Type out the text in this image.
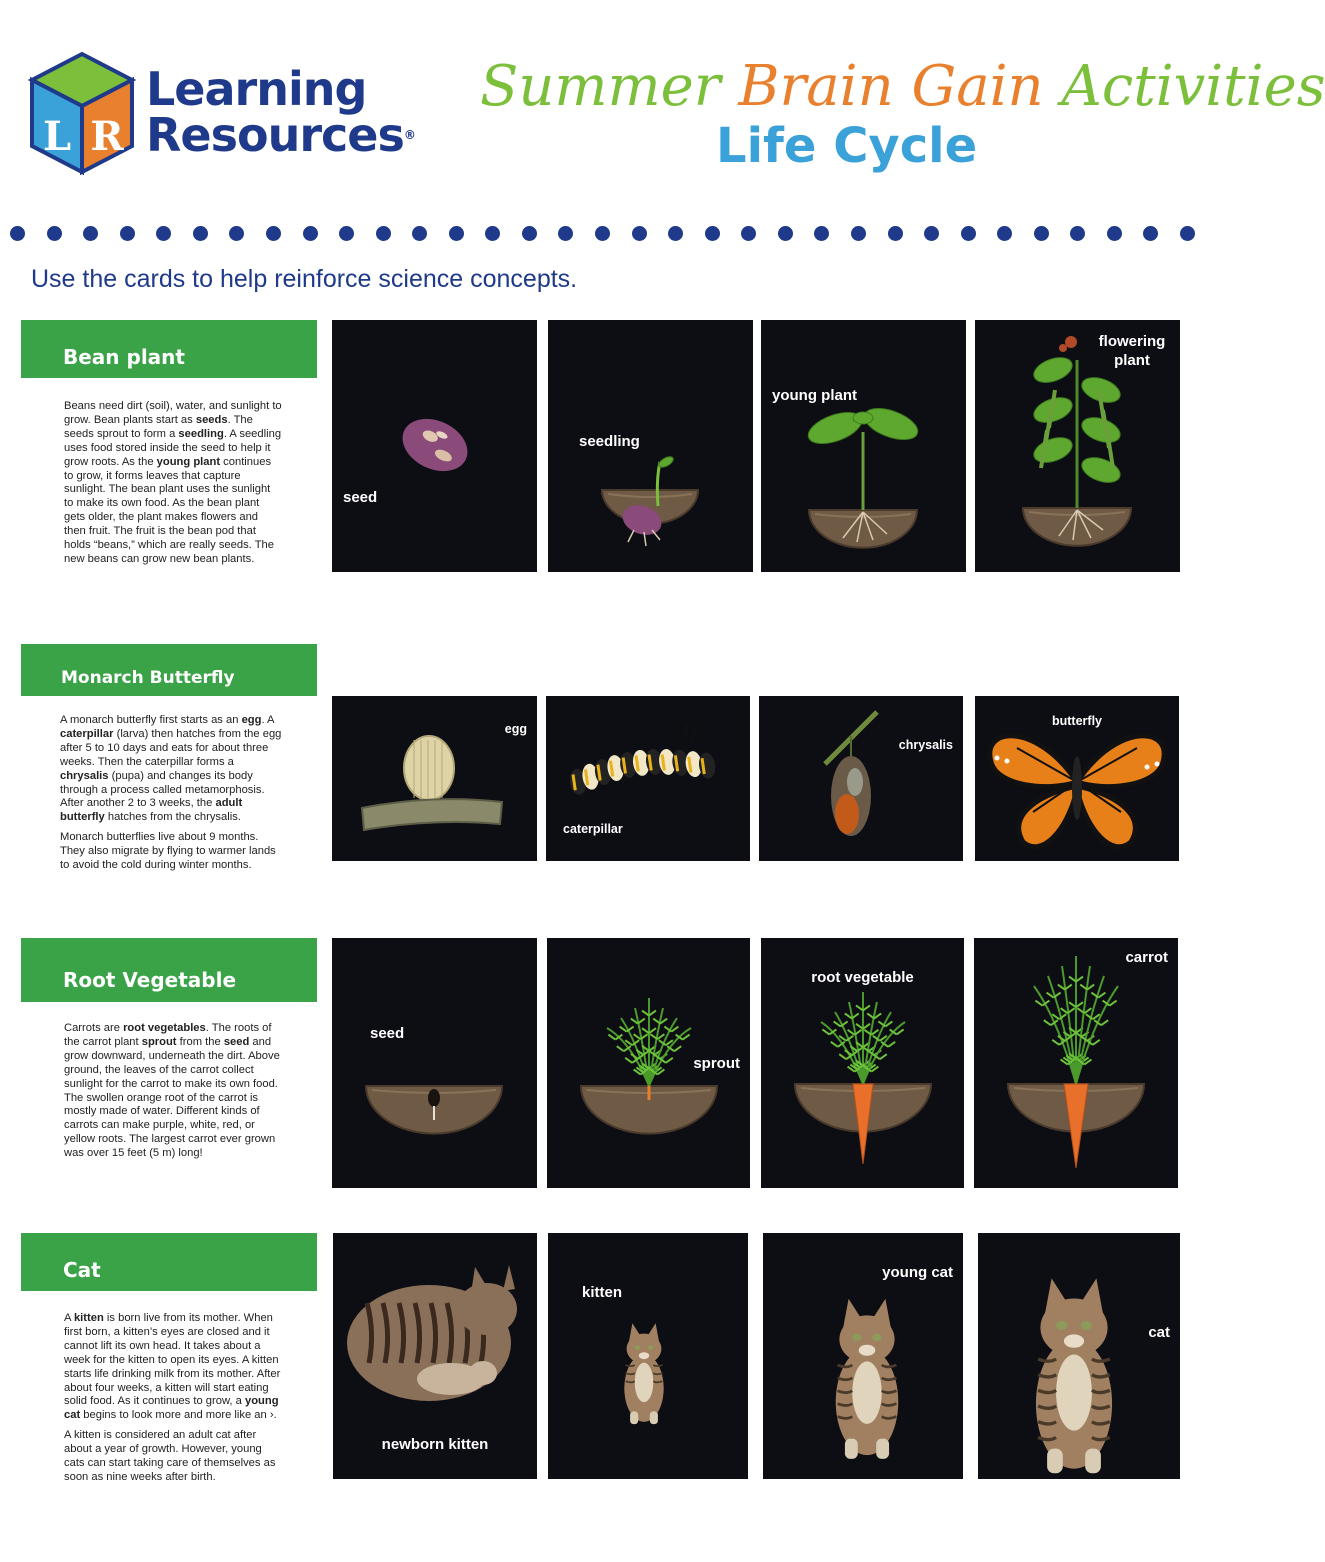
L R
Learning
Resources®
Summer Brain Gain Activities
Life Cycle
Use the cards to help reinforce science concepts.
Bean plant

Beans need dirt (soil), water, and sunlight to grow. Bean plants start as seeds. The seeds sprout to form a seedling. A seedling uses food stored inside the seed to help it grow roots. As the young plant continues to grow, it forms leaves that capture sunlight. The bean plant uses the sunlight to make its own food. As the bean plant gets older, the plant makes flowers and then fruit. The fruit is the bean pod that holds “beans,” which are really seeds. The new beans can grow new bean plants.

seed
seedling
young plant
flowering plant
Monarch Butterfly

A monarch butterfly first starts as an egg. A caterpillar (larva) then hatches from the egg after 5 to 10 days and eats for about three weeks. Then the caterpillar forms a chrysalis (pupa) and changes its body through a process called metamorphosis. After another 2 to 3 weeks, the adult butterfly hatches from the chrysalis.

Monarch butterflies live about 9 months. They also migrate by flying to warmer lands to avoid the cold during winter months.

egg
caterpillar
chrysalis
butterfly
Root Vegetable

Carrots are root vegetables. The roots of the carrot plant sprout from the seed and grow downward, underneath the dirt. Above ground, the leaves of the carrot collect sunlight for the carrot to make its own food. The swollen orange root of the carrot is mostly made of water. Different kinds of carrots can make purple, white, red, or yellow roots. The largest carrot ever grown was over 15 feet (5 m) long!

seed
sprout
root vegetable
carrot
Cat

A kitten is born live from its mother. When first born, a kitten’s eyes are closed and it cannot lift its own head. It takes about a week for the kitten to open its eyes. A kitten starts life drinking milk from its mother. After about four weeks, a kitten will start eating solid food. As it continues to grow, a young cat begins to look more and more like an ›.

A kitten is considered an adult cat after about a year of growth. However, young cats can start taking care of themselves as soon as nine weeks after birth.

newborn kitten
kitten
young cat
cat
